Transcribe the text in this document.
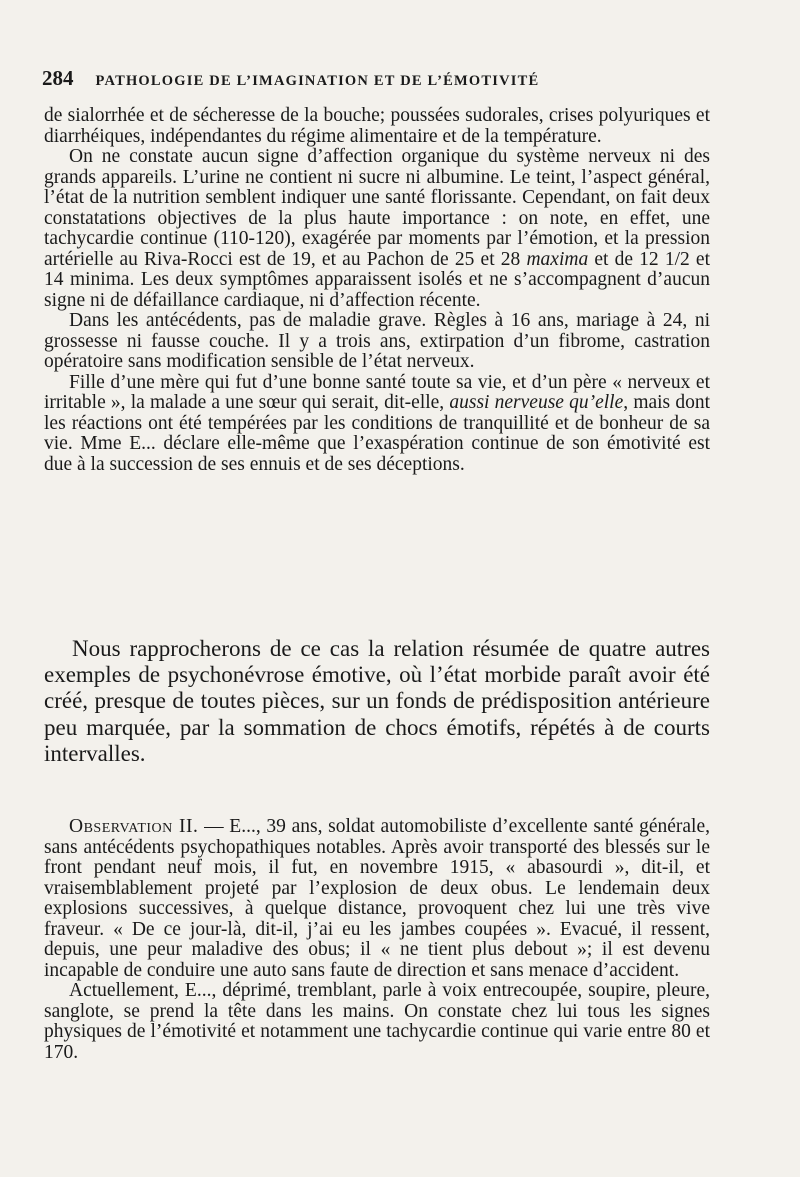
284 PATHOLOGIE DE L’IMAGINATION ET DE L’ÉMOTIVITÉ

de sialorrhée et de sécheresse de la bouche; poussées sudorales, crises polyuriques et diarrhéiques, indépendantes du régime alimentaire et de la température.

On ne constate aucun signe d’affection organique du système nerveux ni des grands appareils. L’urine ne contient ni sucre ni albumine. Le teint, l’aspect général, l’état de la nutrition semblent indiquer une santé florissante. Cependant, on fait deux constatations objectives de la plus haute importance : on note, en effet, une tachycardie continue (110-120), exagérée par moments par l’émotion, et la pression artérielle au Riva-Rocci est de 19, et au Pachon de 25 et 28 maxima et de 12 1/2 et 14 minima. Les deux symptômes apparaissent isolés et ne s’accompagnent d’aucun signe ni de défaillance cardiaque, ni d’affection récente.

Dans les antécédents, pas de maladie grave. Règles à 16 ans, mariage à 24, ni grossesse ni fausse couche. Il y a trois ans, extirpation d’un fibrome, castration opératoire sans modification sensible de l’état nerveux.

Fille d’une mère qui fut d’une bonne santé toute sa vie, et d’un père « nerveux et irritable », la malade a une sœur qui serait, dit-elle, aussi nerveuse qu’elle, mais dont les réactions ont été tempérées par les conditions de tranquillité et de bonheur de sa vie. Mme E... déclare elle-même que l’exaspération continue de son émotivité est due à la succession de ses ennuis et de ses déceptions.

Nous rapprocherons de ce cas la relation résumée de quatre autres exemples de psychonévrose émotive, où l’état morbide paraît avoir été créé, presque de toutes pièces, sur un fonds de prédisposition antérieure peu marquée, par la sommation de chocs émotifs, répétés à de courts intervalles.

Observation II. — E..., 39 ans, soldat automobiliste d’excellente santé générale, sans antécédents psychopathiques notables. Après avoir transporté des blessés sur le front pendant neuf mois, il fut, en novembre 1915, « abasourdi », dit-il, et vraisemblablement projeté par l’explosion de deux obus. Le lendemain deux explosions successives, à quelque distance, provoquent chez lui une très vive fraveur. « De ce jour-là, dit-il, j’ai eu les jambes coupées ». Evacué, il ressent, depuis, une peur maladive des obus; il « ne tient plus debout »; il est devenu incapable de conduire une auto sans faute de direction et sans menace d’accident.

Actuellement, E..., déprimé, tremblant, parle à voix entrecoupée, soupire, pleure, sanglote, se prend la tête dans les mains. On constate chez lui tous les signes physiques de l’émotivité et notamment une tachycardie continue qui varie entre 80 et 170.
